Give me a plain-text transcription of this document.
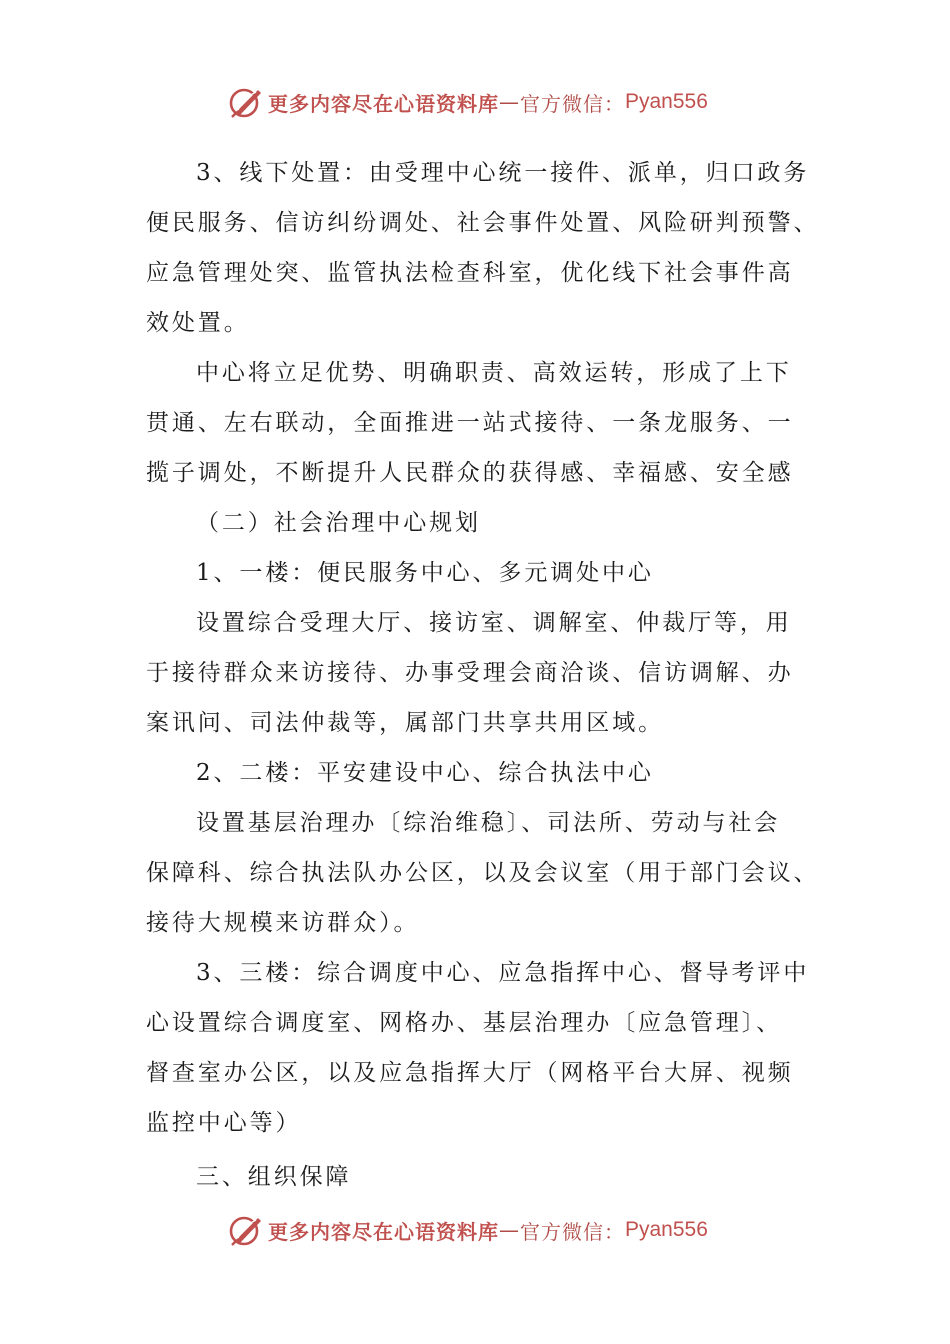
更多内容尽在心语资料库 — 官方微信： Pyan556
3、线下处置：由受理中心统一接件、派单，归口政务
便民服务、信访纠纷调处、社会事件处置、风险研判预警、
应急管理处突、监管执法检查科室，优化线下社会事件高
效处置。
中心将立足优势、明确职责、高效运转，形成了上下
贯通、左右联动，全面推进一站式接待、一条龙服务、一
揽子调处，不断提升人民群众的获得感、幸福感、安全感
（二）社会治理中心规划
1、一楼：便民服务中心、多元调处中心
设置综合受理大厅、接访室、调解室、仲裁厅等，用
于接待群众来访接待、办事受理会商洽谈、信访调解、办
案讯问、司法仲裁等，属部门共享共用区域。
2、二楼：平安建设中心、综合执法中心
设置基层治理办〔综治维稳〕、司法所、劳动与社会
保障科、综合执法队办公区，以及会议室（用于部门会议、
接待大规模来访群众）。
3、三楼：综合调度中心、应急指挥中心、督导考评中
心设置综合调度室、网格办、基层治理办〔应急管理〕、
督查室办公区，以及应急指挥大厅（网格平台大屏、视频
监控中心等）
三、组织保障
更多内容尽在心语资料库 — 官方微信： Pyan556
